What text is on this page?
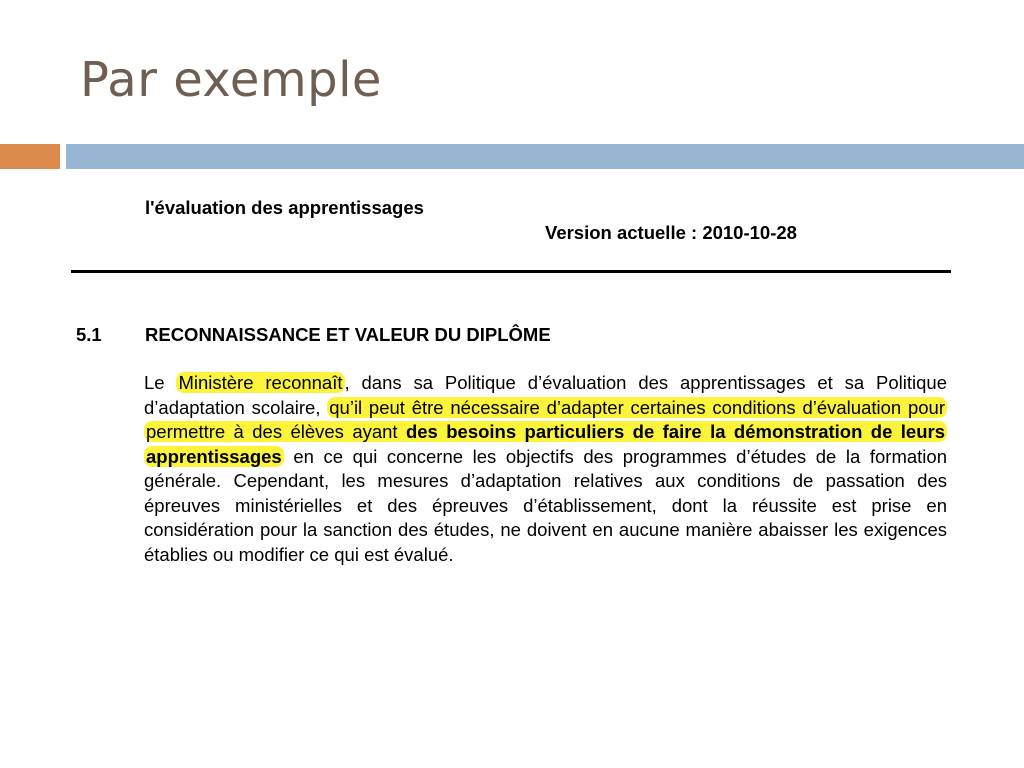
Par exemple
l'évaluation des apprentissages
Version actuelle : 2010-10-28
5.1 RECONNAISSANCE ET VALEUR DU DIPLÔME
Le Ministère reconnaît , dans sa Politique d’évaluation des apprentissages et sa Politique d’adaptation scolaire, qu’il peut être nécessaire d’adapter certaines conditions d’évaluation pour permettre à des élèves ayant des besoins particuliers de faire la démonstration de leurs apprentissages en ce qui concerne les objectifs des programmes d’études de la formation générale. Cependant, les mesures d’adaptation relatives aux conditions de passation des épreuves ministérielles et des épreuves d’établissement, dont la réussite est prise en considération pour la sanction des études, ne doivent en aucune manière abaisser les exigences établies ou modifier ce qui est évalué.
